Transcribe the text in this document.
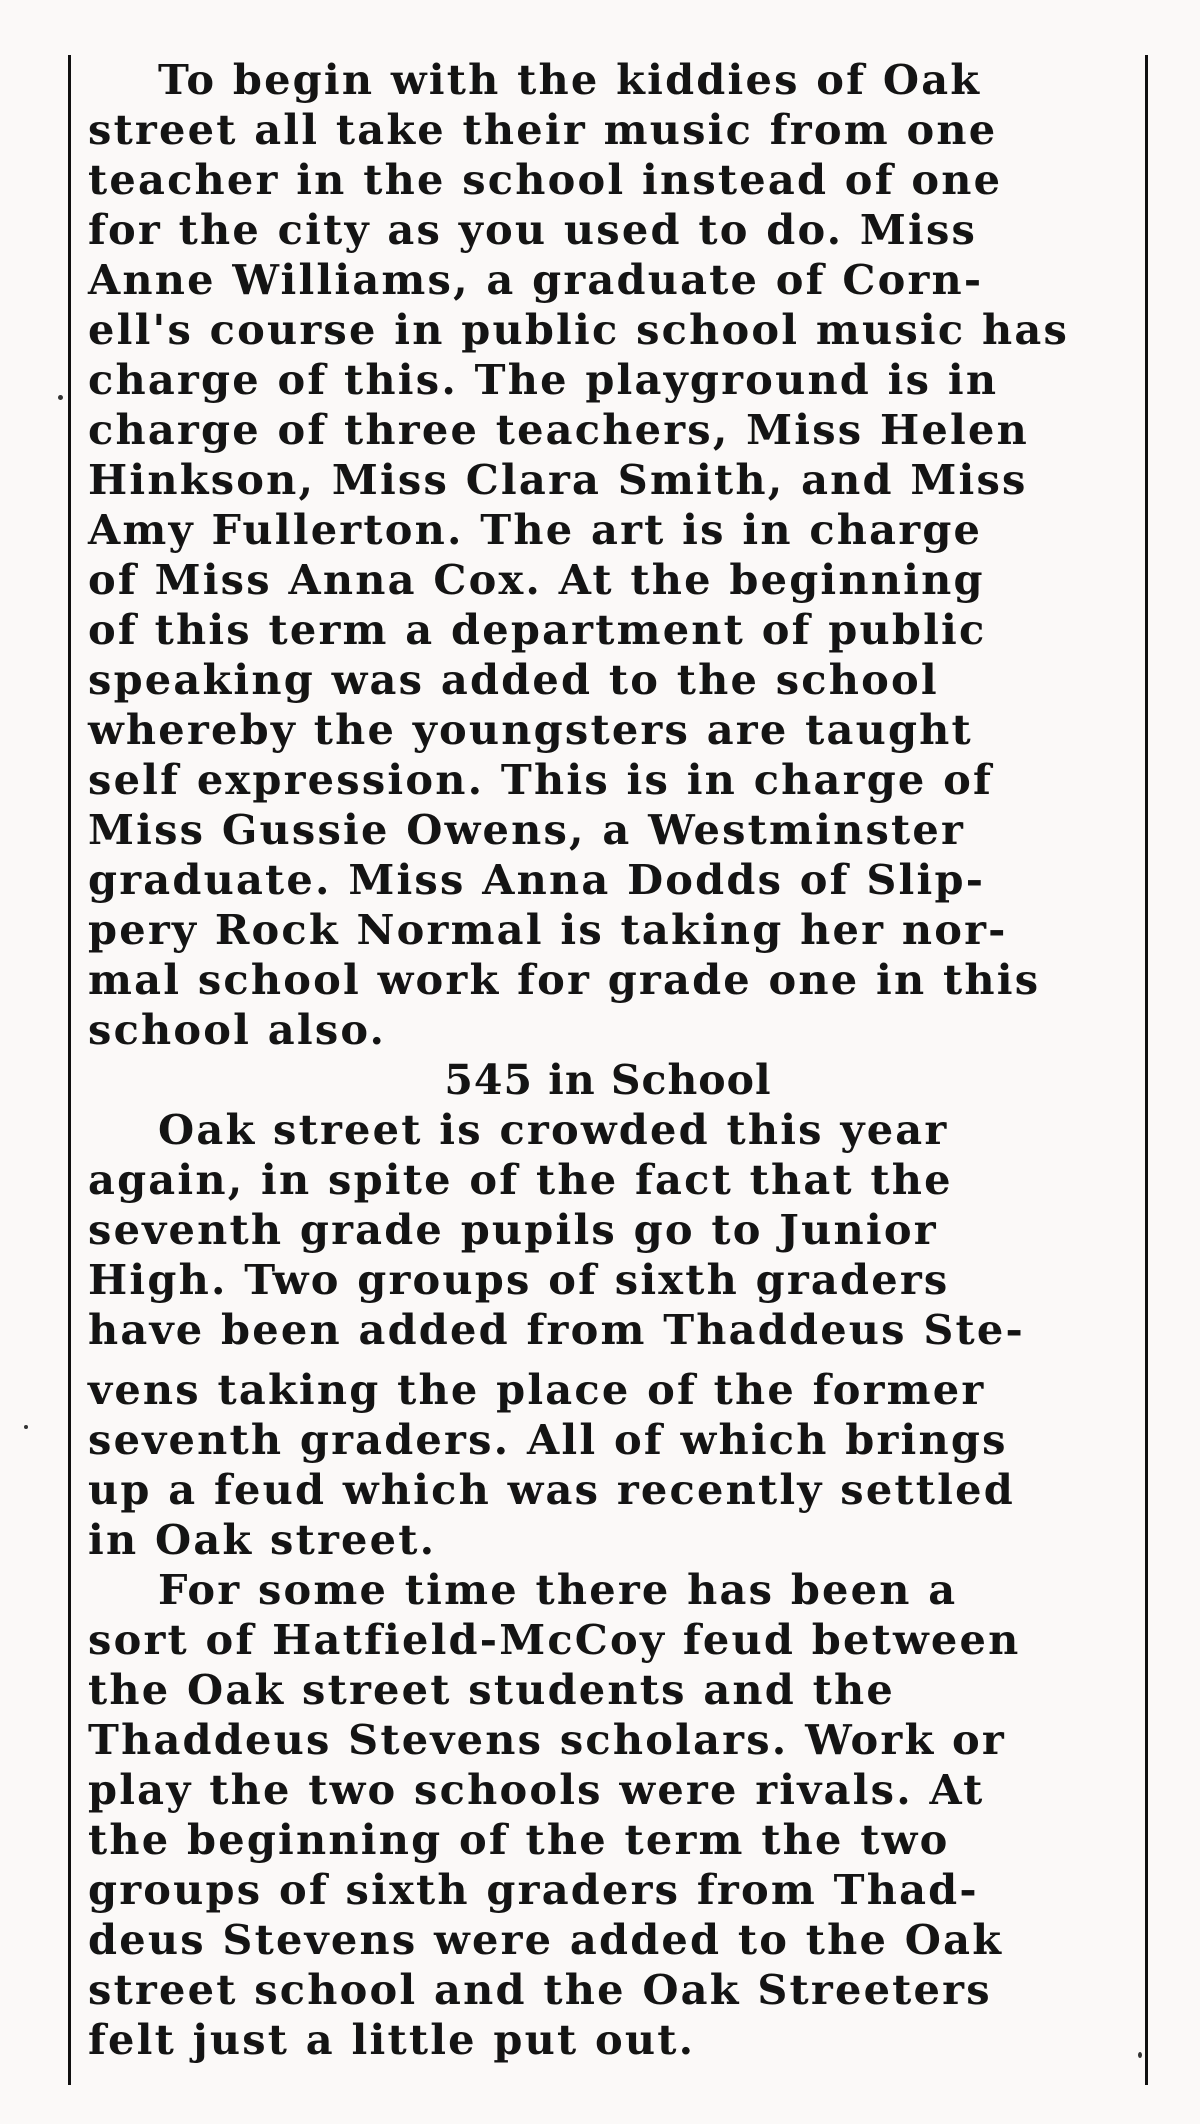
To begin with the kiddies of Oak
street all take their music from one
teacher in the school instead of one
for the city as you used to do. Miss
Anne Williams, a graduate of Corn-
ell's course in public school music has
charge of this. The playground is in
charge of three teachers, Miss Helen
Hinkson, Miss Clara Smith, and Miss
Amy Fullerton. The art is in charge
of Miss Anna Cox. At the beginning
of this term a department of public
speaking was added to the school
whereby the youngsters are taught
self expression. This is in charge of
Miss Gussie Owens, a Westminster
graduate. Miss Anna Dodds of Slip-
pery Rock Normal is taking her nor-
mal school work for grade one in this
school also.
545 in School
Oak street is crowded this year
again, in spite of the fact that the
seventh grade pupils go to Junior
High. Two groups of sixth graders
have been added from Thaddeus Ste-
vens taking the place of the former
seventh graders. All of which brings
up a feud which was recently settled
in Oak street.
For some time there has been a
sort of Hatfield-McCoy feud between
the Oak street students and the
Thaddeus Stevens scholars. Work or
play the two schools were rivals. At
the beginning of the term the two
groups of sixth graders from Thad-
deus Stevens were added to the Oak
street school and the Oak Streeters
felt just a little put out.
